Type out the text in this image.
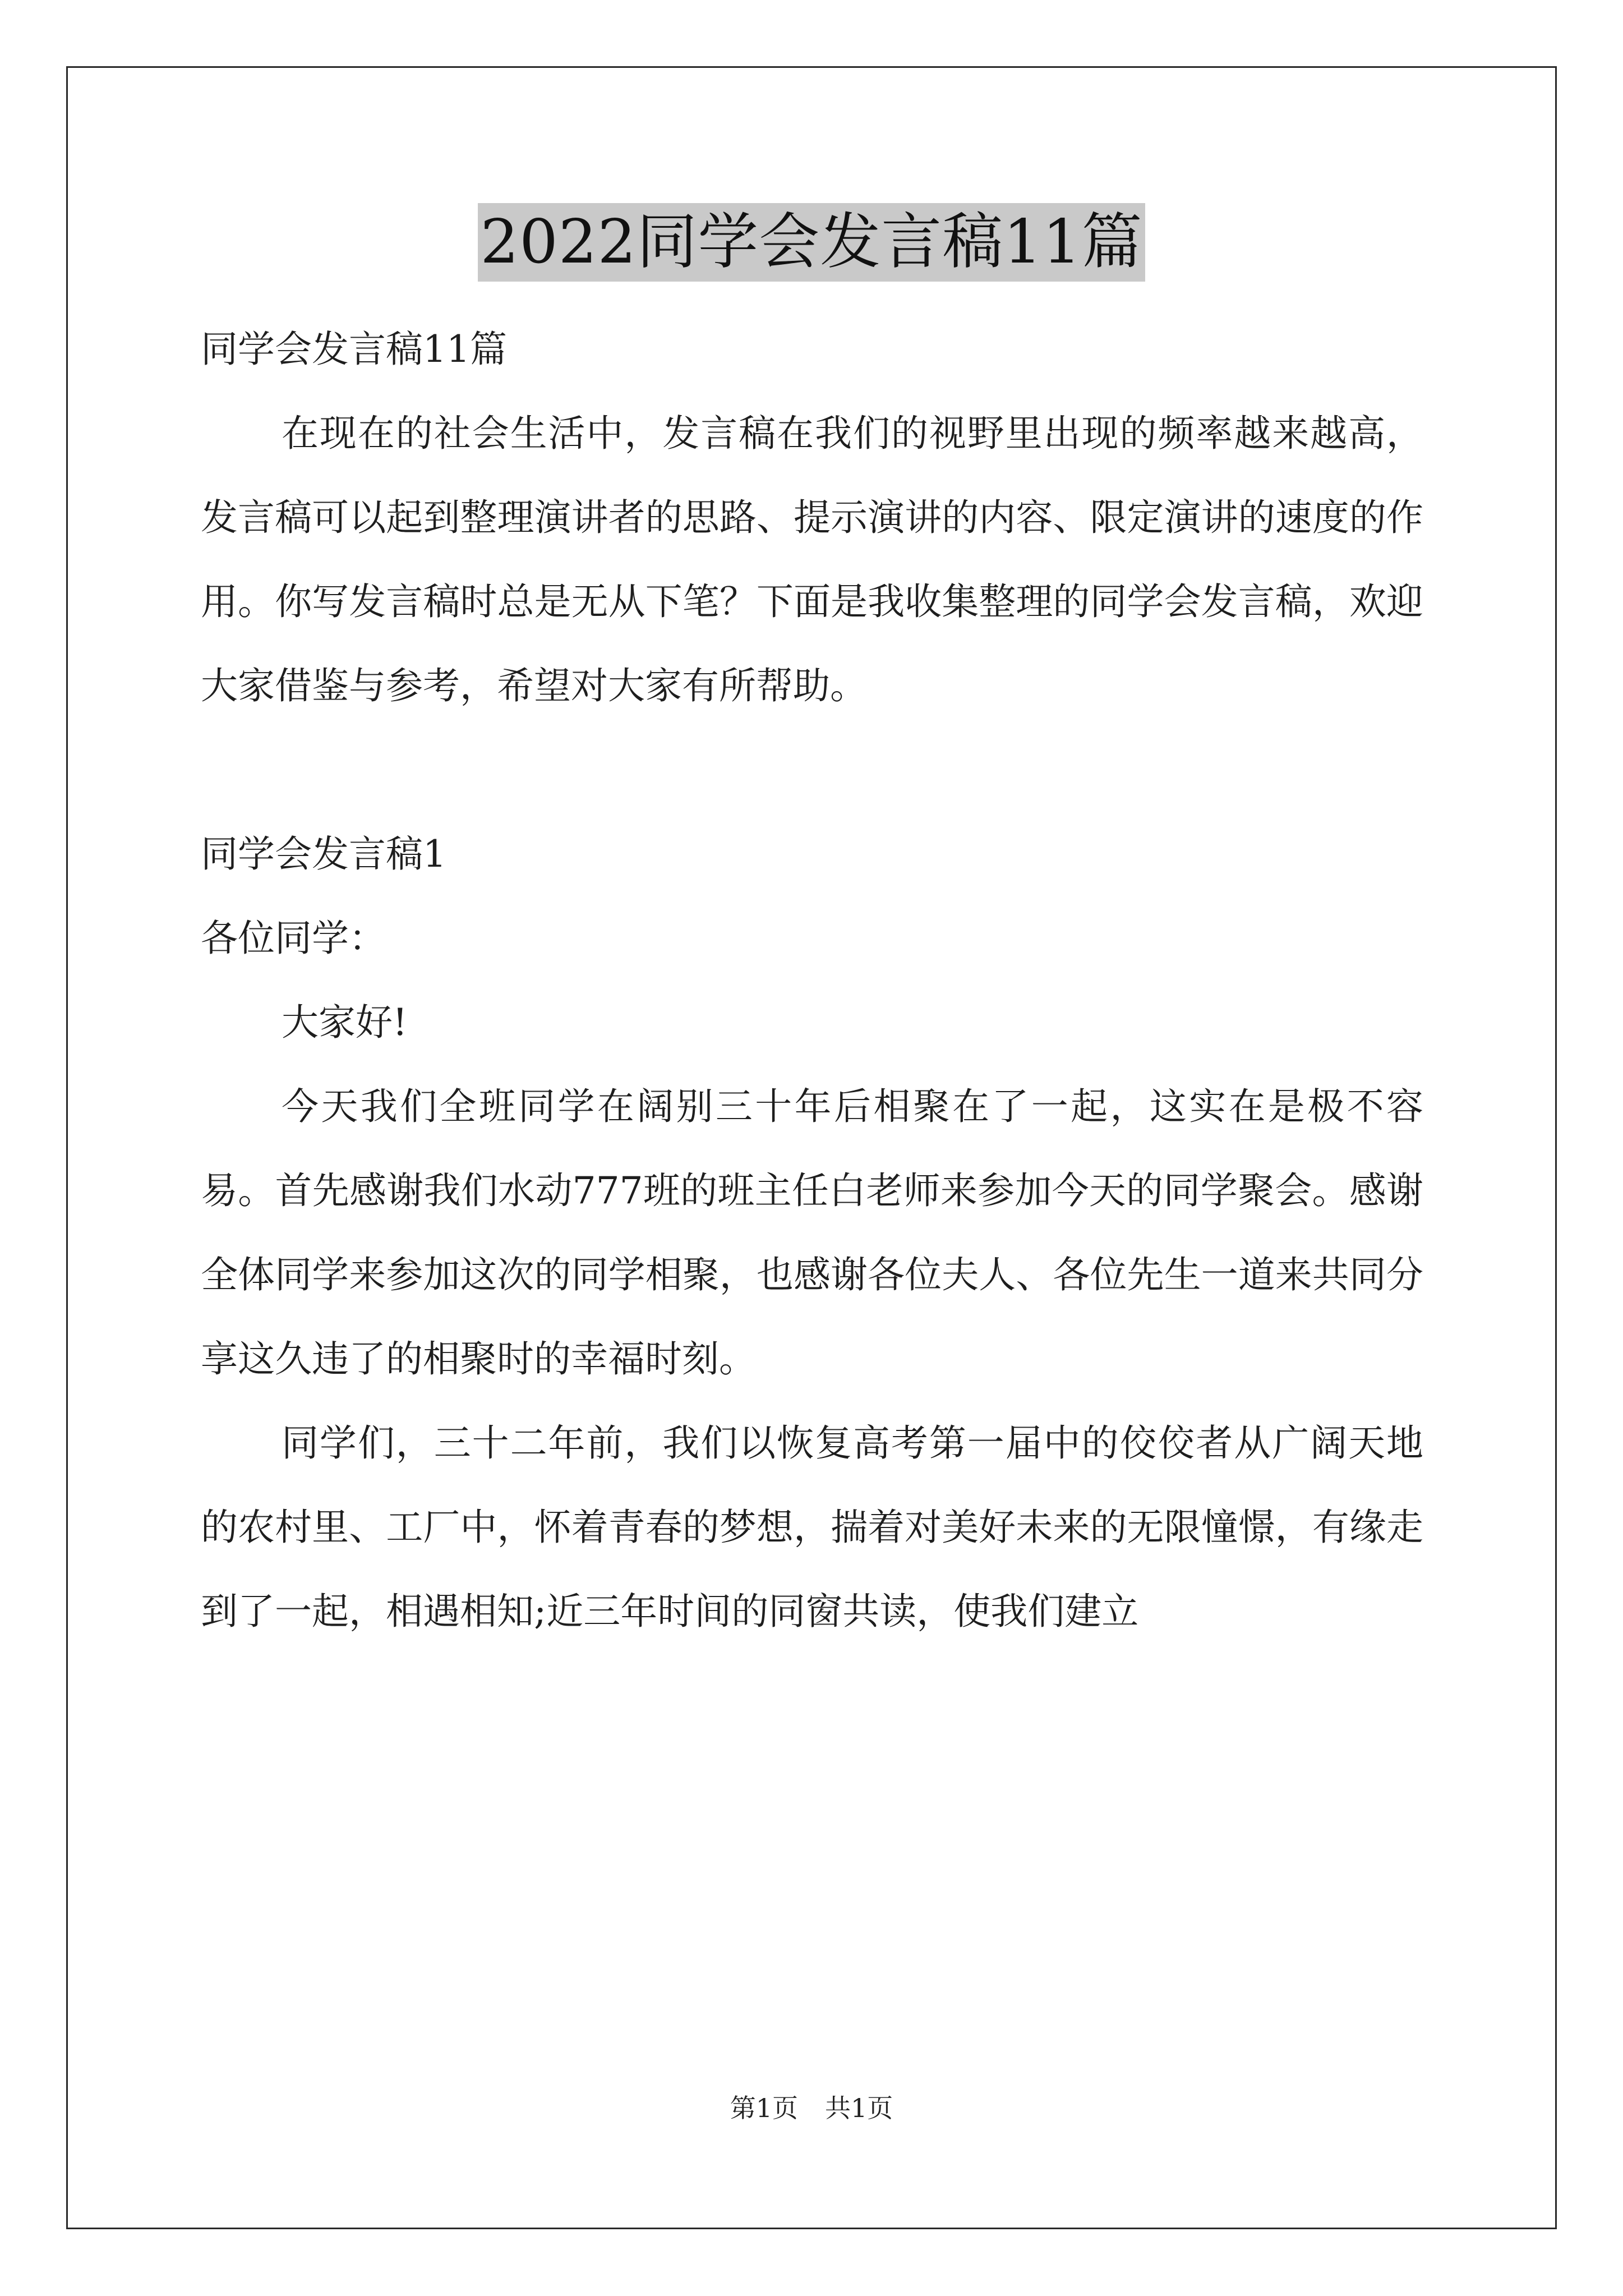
2022同学会发言稿11篇

同学会发言稿11篇

在现在的社会生活中，发言稿在我们的视野里出现的频率越来越高，发言稿可以起到整理演讲者的思路、提示演讲的内容、限定演讲的速度的作用。你写发言稿时总是无从下笔？下面是我收集整理的同学会发言稿，欢迎大家借鉴与参考，希望对大家有所帮助。

同学会发言稿1

各位同学：

大家好!

今天我们全班同学在阔别三十年后相聚在了一起，这实在是极不容易。首先感谢我们水动777班的班主任白老师来参加今天的同学聚会。感谢全体同学来参加这次的同学相聚，也感谢各位夫人、各位先生一道来共同分享这久违了的相聚时的幸福时刻。

同学们，三十二年前，我们以恢复高考第一届中的佼佼者从广阔天地的农村里、工厂中，怀着青春的梦想，揣着对美好未来的无限憧憬，有缘走到了一起，相遇相知;近三年时间的同窗共读，使我们建立

第1页 共1页
